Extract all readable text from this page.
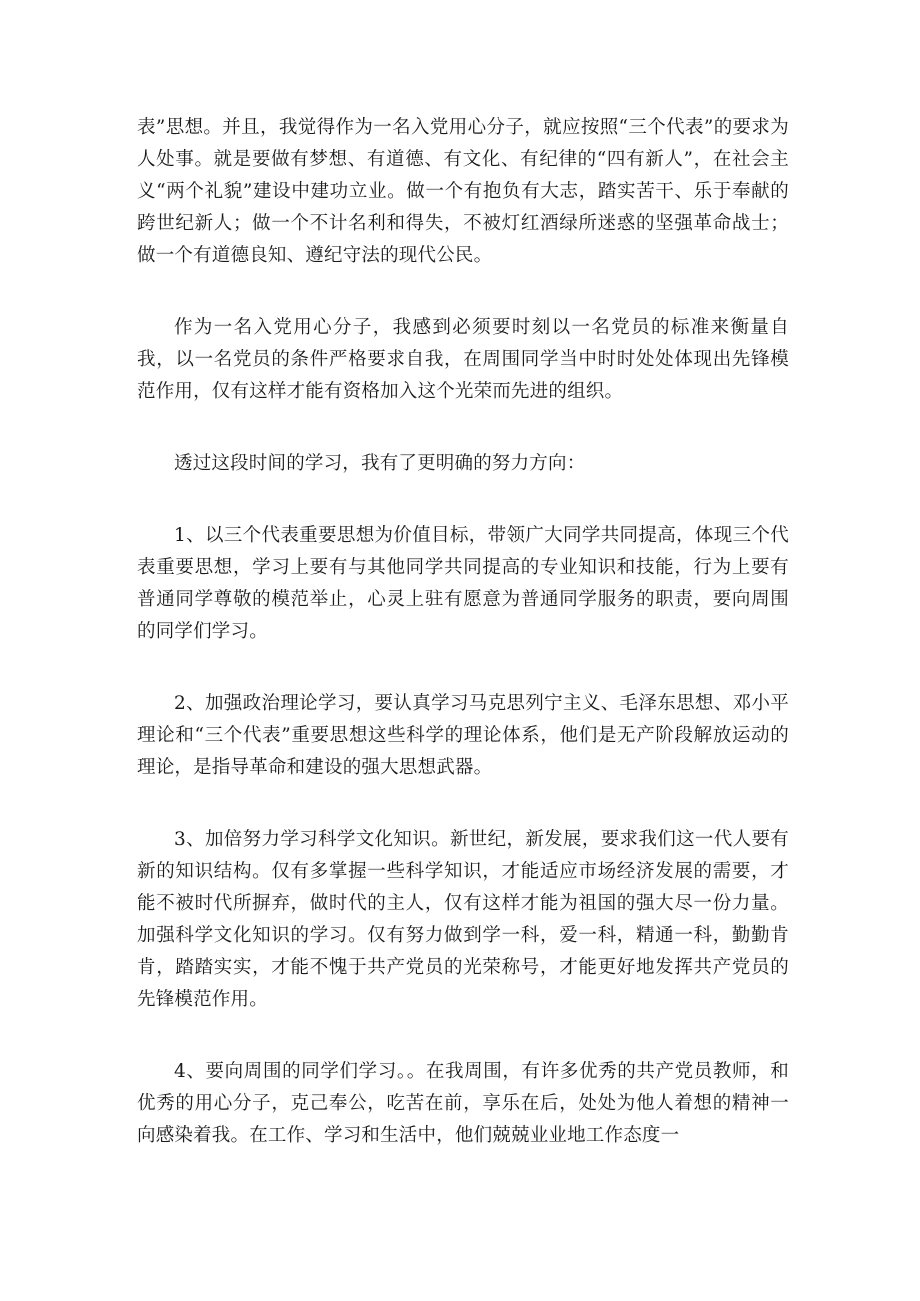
表”思想。并且，我觉得作为一名入党用心分子，就应按照“三个代表”的要求为人处事。就是要做有梦想、有道德、有文化、有纪律的“四有新人”，在社会主义“两个礼貌”建设中建功立业。做一个有抱负有大志，踏实苦干、乐于奉献的跨世纪新人；做一个不计名利和得失，不被灯红酒绿所迷惑的坚强革命战士；做一个有道德良知、遵纪守法的现代公民。

作为一名入党用心分子，我感到必须要时刻以一名党员的标准来衡量自我，以一名党员的条件严格要求自我，在周围同学当中时时处处体现出先锋模范作用，仅有这样才能有资格加入这个光荣而先进的组织。

透过这段时间的学习，我有了更明确的努力方向：

1、以三个代表重要思想为价值目标，带领广大同学共同提高，体现三个代表重要思想，学习上要有与其他同学共同提高的专业知识和技能，行为上要有普通同学尊敬的模范举止，心灵上驻有愿意为普通同学服务的职责，要向周围的同学们学习。

2、加强政治理论学习，要认真学习马克思列宁主义、毛泽东思想、邓小平理论和“三个代表”重要思想这些科学的理论体系，他们是无产阶段解放运动的理论，是指导革命和建设的强大思想武器。

3、加倍努力学习科学文化知识。新世纪，新发展，要求我们这一代人要有新的知识结构。仅有多掌握一些科学知识，才能适应市场经济发展的需要，才能不被时代所摒弃，做时代的主人，仅有这样才能为祖国的强大尽一份力量。加强科学文化知识的学习。仅有努力做到学一科，爱一科，精通一科，勤勤肯肯，踏踏实实，才能不愧于共产党员的光荣称号，才能更好地发挥共产党员的先锋模范作用。

4、要向周围的同学们学习。。在我周围，有许多优秀的共产党员教师，和优秀的用心分子，克己奉公，吃苦在前，享乐在后，处处为他人着想的精神一向感染着我。在工作、学习和生活中，他们兢兢业业地工作态度一
